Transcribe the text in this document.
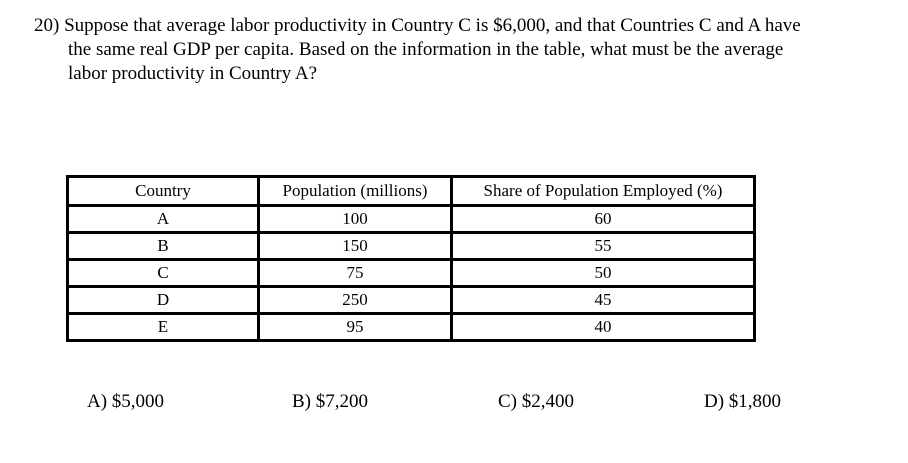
20) Suppose that average labor productivity in Country C is $6,000, and that Countries C and A have
the same real GDP per capita. Based on the information in the table, what must be the average
labor productivity in Country A?
Country	Population (millions)	Share of Population Employed (%)
A	100	60
B	150	55
C	75	50
D	250	45
E	95	40
A) $5,000	B) $7,200	C) $2,400	D) $1,800
